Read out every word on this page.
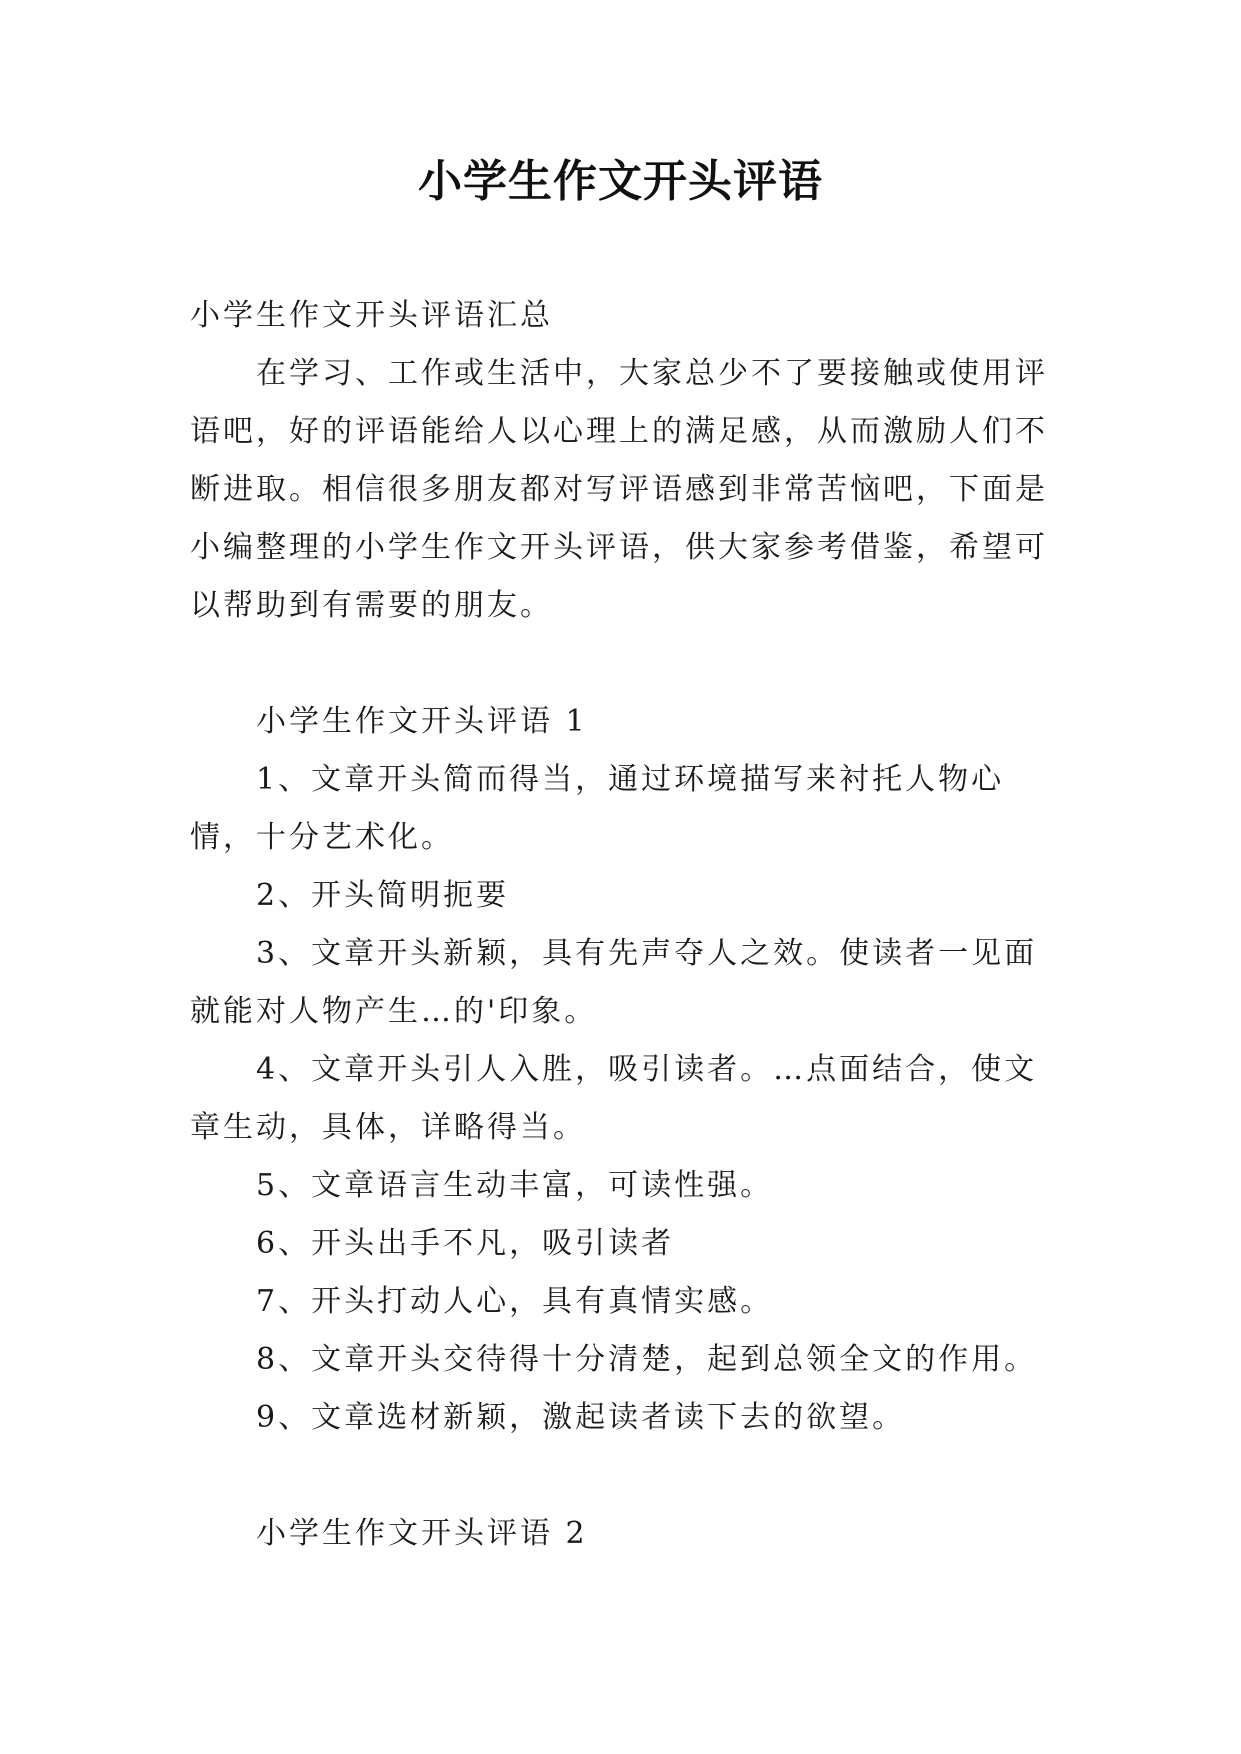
小学生作文开头评语

小学生作文开头评语汇总

在学习、工作或生活中，大家总少不了要接触或使用评语吧，好的评语能给人以心理上的满足感，从而激励人们不断进取。相信很多朋友都对写评语感到非常苦恼吧，下面是小编整理的小学生作文开头评语，供大家参考借鉴，希望可以帮助到有需要的朋友。

小学生作文开头评语 1

1、文章开头简而得当，通过环境描写来衬托人物心情，十分艺术化。

2、开头简明扼要

3、文章开头新颖，具有先声夺人之效。使读者一见面就能对人物产生…的'印象。

4、文章开头引人入胜，吸引读者。…点面结合，使文章生动，具体，详略得当。

5、文章语言生动丰富，可读性强。

6、开头出手不凡，吸引读者

7、开头打动人心，具有真情实感。

8、文章开头交待得十分清楚，起到总领全文的作用。

9、文章选材新颖，激起读者读下去的欲望。

小学生作文开头评语 2
